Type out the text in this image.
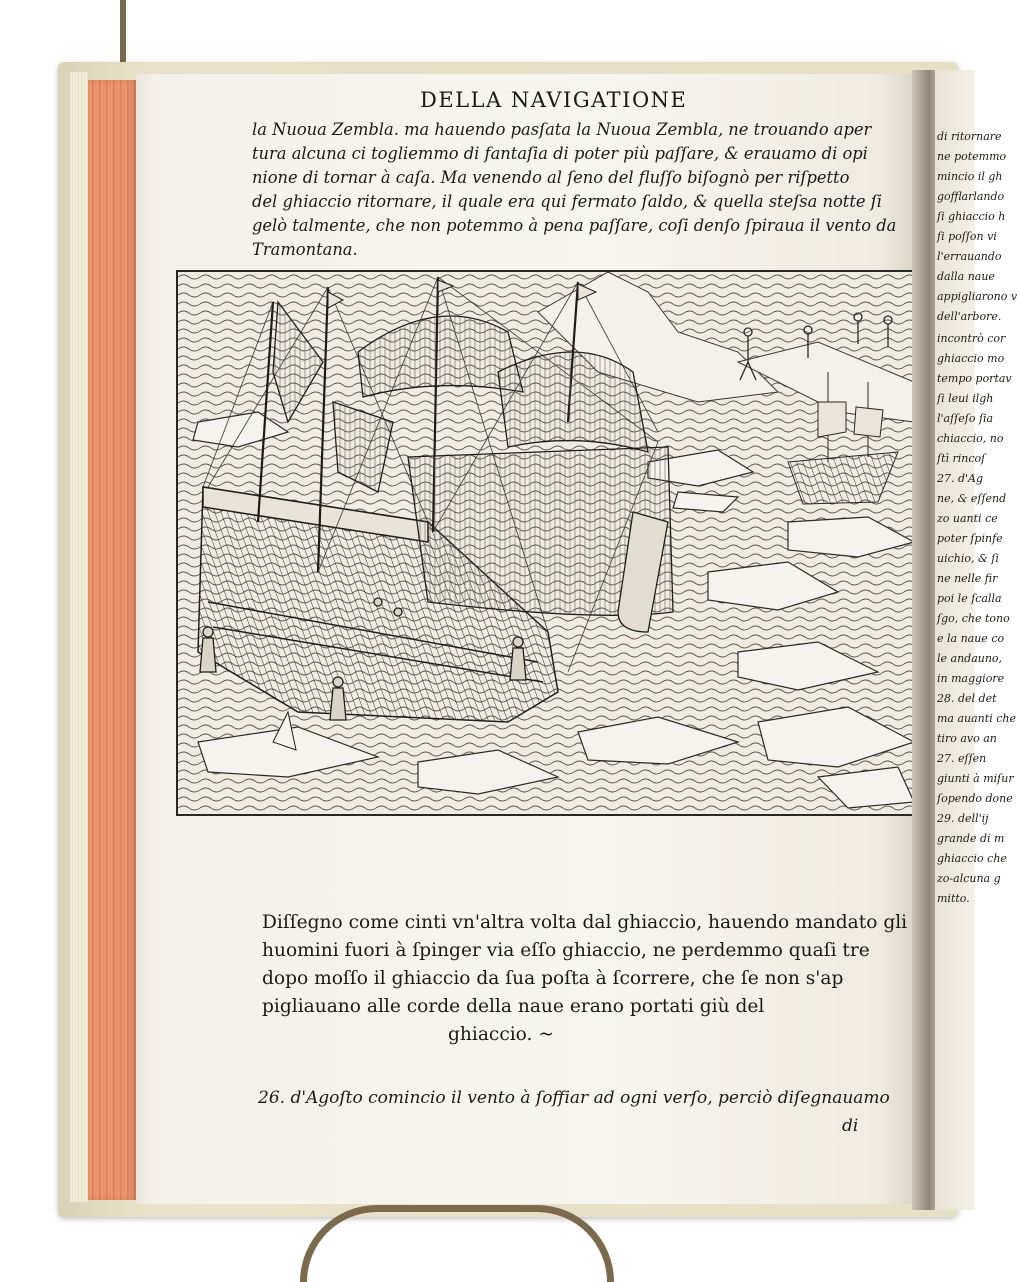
DELLA NAVIGATIONE
la Nuoua Zembla. ma hauendo pasſata la Nuoua Zembla, ne trouando aper
tura alcuna ci togliemmo di fantaſia di poter più paſſare, & erauamo di opi
nione di tornar à caſa. Ma venendo al ſeno del fluſſo biſognò per riſpetto
del ghiaccio ritornare, il quale era qui fermato ſaldo, & quella steſsa notte ſi
gelò talmente, che non potemmo à pena paſſare, coſi denſo ſpiraua il vento da
Tramontana.
Diſſegno come cinti vn'altra volta dal ghiaccio, hauendo mandato gli
huomini fuori à ſpinger via eſſo ghiaccio, ne perdemmo quaſi tre
dopo moſſo il ghiaccio da ſua poſta à ſcorrere, che ſe non s'ap
pigliauano alle corde della naue erano portati giù del
ghiaccio. ~
26. d'Agoſto comincio il vento à ſoffiar ad ogni verſo, perciò diſegnauamo
di
di ritornare
ne potemmo
mincio il gh
gofflarlando
ſi ghiaccio h
ſi poſſon vi
l'errauando
dalla naue
appigliarono v
dell'arbore.
incontrò cor
ghiaccio mo
tempo portav
ſi leui ilgh
l'aſſeſo ſia
chiaccio, no
ſtì rincoſ
27. d'Ag
ne, & eſſend
zo uanti ce
poter ſpinfe
uichio, & ſi
ne nelle fir
poi le ſcalla
ſgo, che tono
e la naue co
le andauno,
in maggiore
28. del det
ma auanti che
tiro avo an
27. eſſen
giunti à miſur
ſopendo done
29. dell'ij
grande di m
ghiaccio che
zo-alcuna g
mitto.
